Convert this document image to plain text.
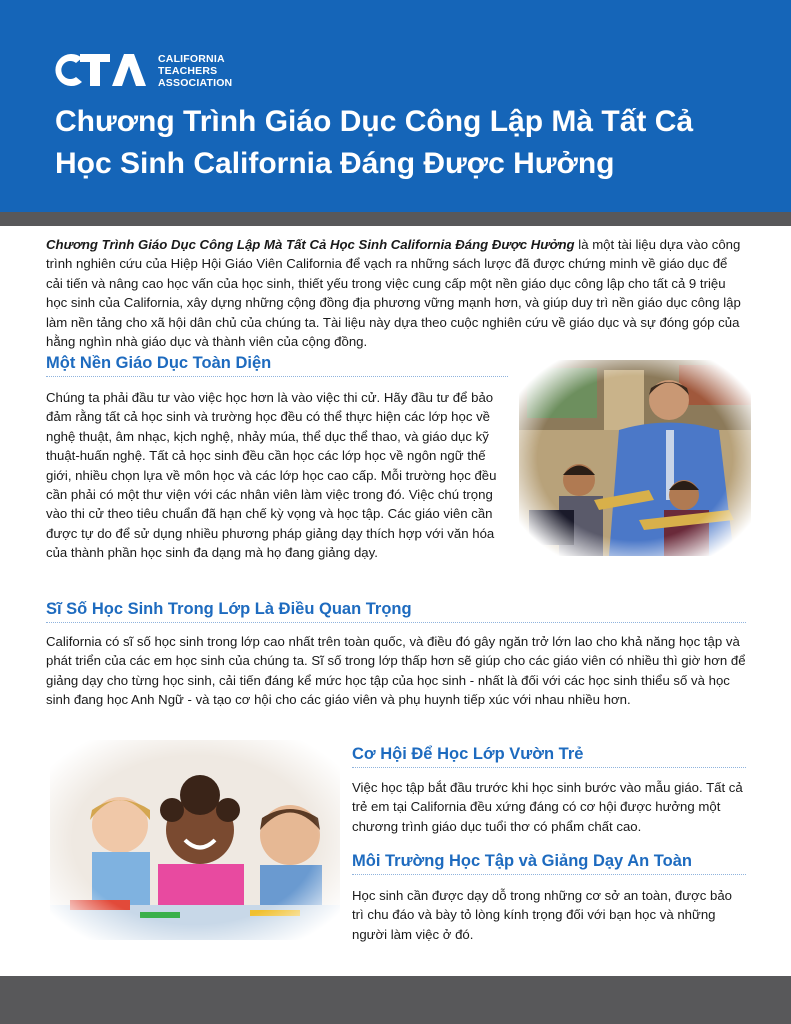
CALIFORNIA
TEACHERS
ASSOCIATION
Chương Trình Giáo Dục Công Lập Mà Tất Cả
Học Sinh California Đáng Được Hưởng

Chương Trình Giáo Dục Công Lập Mà Tất Cả Học Sinh California Đáng Được Hưởng là một tài liệu dựa vào công trình nghiên cứu của Hiệp Hội Giáo Viên California để vạch ra những sách lược đã được chứng minh về giáo dục để cải tiến và nâng cao học vấn của học sinh, thiết yếu trong việc cung cấp một nền giáo dục công lập cho tất cả 9 triệu học sinh của California, xây dựng những cộng đồng địa phương vững mạnh hơn, và giúp duy trì nền giáo dục công lập làm nền tảng cho xã hội dân chủ của chúng ta. Tài liệu này dựa theo cuộc nghiên cứu về giáo dục và sự đóng góp của hằng nghìn nhà giáo dục và thành viên của cộng đồng.

Một Nền Giáo Dục Toàn Diện

Chúng ta phải đầu tư vào việc học hơn là vào việc thi cử. Hãy đầu tư để bảo đảm rằng tất cả học sinh và trường học đều có thể thực hiện các lớp học về nghệ thuật, âm nhạc, kịch nghệ, nhảy múa, thể dục thể thao, và giáo dục kỹ thuật-huấn nghệ. Tất cả học sinh đều cần học các lớp học về ngôn ngữ thế giới, nhiều chọn lựa về môn học và các lớp học cao cấp. Mỗi trường học đều cần phải có một thư viện với các nhân viên làm việc trong đó. Việc chú trọng vào thi cử theo tiêu chuẩn đã hạn chế kỳ vọng và học tập. Các giáo viên cần được tự do để sử dụng nhiều phương pháp giảng dạy thích hợp với văn hóa của thành phần học sinh đa dạng mà họ đang giảng dạy.

Sĩ Số Học Sinh Trong Lớp Là Điều Quan Trọng

California có sĩ số học sinh trong lớp cao nhất trên toàn quốc, và điều đó gây ngăn trở lớn lao cho khả năng học tập và phát triển của các em học sinh của chúng ta. Sĩ số trong lớp thấp hơn sẽ giúp cho các giáo viên có nhiều thì giờ hơn để giảng dạy cho từng học sinh, cải tiến đáng kể mức học tập của học sinh - nhất là đối với các học sinh thiểu số và học sinh đang học Anh Ngữ - và tạo cơ hội cho các giáo viên và phụ huynh tiếp xúc với nhau nhiều hơn.

Cơ Hội Để Học Lớp Vườn Trẻ

Việc học tập bắt đầu trước khi học sinh bước vào mẫu giáo. Tất cả trẻ em tại California đều xứng đáng có cơ hội được hưởng một chương trình giáo dục tuổi thơ có phẩm chất cao.

Môi Trường Học Tập và Giảng Dạy An Toàn

Học sinh cần được dạy dỗ trong những cơ sở an toàn, được bảo trì chu đáo và bày tỏ lòng kính trọng đối với bạn học và những người làm việc ở đó.
